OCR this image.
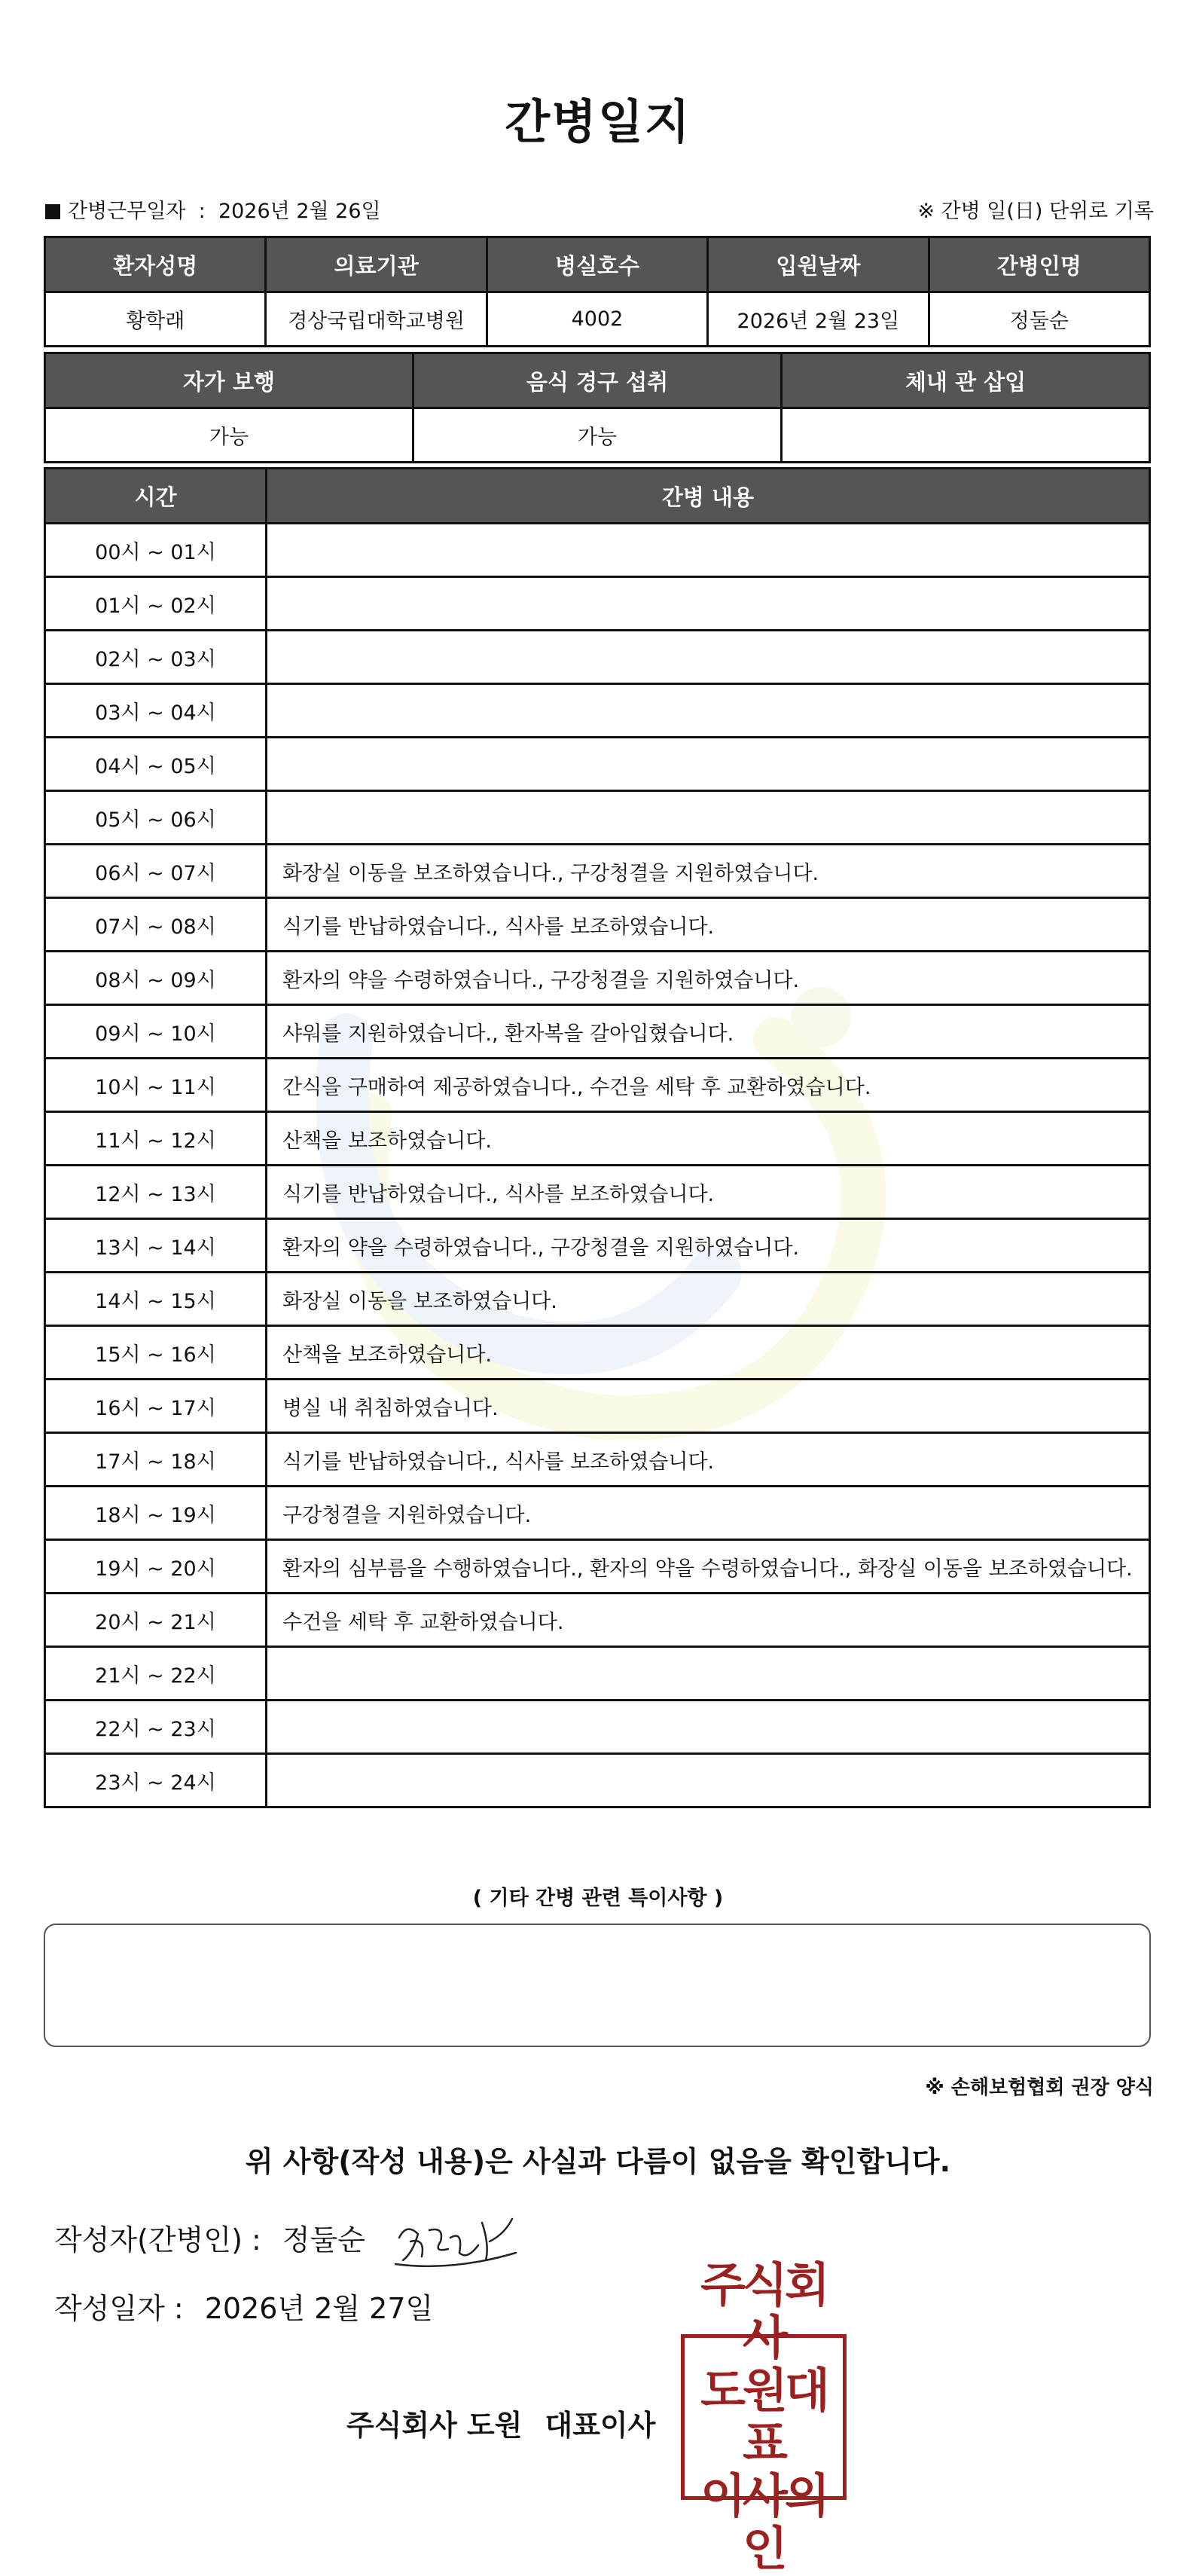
간병일지
간병근무일자 : 2026년 2월 26일	※ 간병 일(日) 단위로 기록
환자성명	의료기관	병실호수	입원날짜	간병인명
황학래	경상국립대학교병원	4002	2026년 2월 23일	정둘순
자가 보행	음식 경구 섭취	체내 관 삽입
가능	가능	
시간	간병 내용
00시 ~ 01시	
01시 ~ 02시	
02시 ~ 03시	
03시 ~ 04시	
04시 ~ 05시	
05시 ~ 06시	
06시 ~ 07시	화장실 이동을 보조하였습니다., 구강청결을 지원하였습니다.
07시 ~ 08시	식기를 반납하였습니다., 식사를 보조하였습니다.
08시 ~ 09시	환자의 약을 수령하였습니다., 구강청결을 지원하였습니다.
09시 ~ 10시	샤워를 지원하였습니다., 환자복을 갈아입혔습니다.
10시 ~ 11시	간식을 구매하여 제공하였습니다., 수건을 세탁 후 교환하였습니다.
11시 ~ 12시	산책을 보조하였습니다.
12시 ~ 13시	식기를 반납하였습니다., 식사를 보조하였습니다.
13시 ~ 14시	환자의 약을 수령하였습니다., 구강청결을 지원하였습니다.
14시 ~ 15시	화장실 이동을 보조하였습니다.
15시 ~ 16시	산책을 보조하였습니다.
16시 ~ 17시	병실 내 취침하였습니다.
17시 ~ 18시	식기를 반납하였습니다., 식사를 보조하였습니다.
18시 ~ 19시	구강청결을 지원하였습니다.
19시 ~ 20시	환자의 심부름을 수행하였습니다., 환자의 약을 수령하였습니다., 화장실 이동을 보조하였습니다.
20시 ~ 21시	수건을 세탁 후 교환하였습니다.
21시 ~ 22시	
22시 ~ 23시	
23시 ~ 24시	
( 기타 간병 관련 특이사항 )
※ 손해보험협회 권장 양식
위 사항(작성 내용)은 사실과 다름이 없음을 확인합니다.
작성자(간병인) : 정둘순
작성일자 : 2026년 2월 27일
주식회사 도원 대표이사
주식회사
도원대표
이사의인
